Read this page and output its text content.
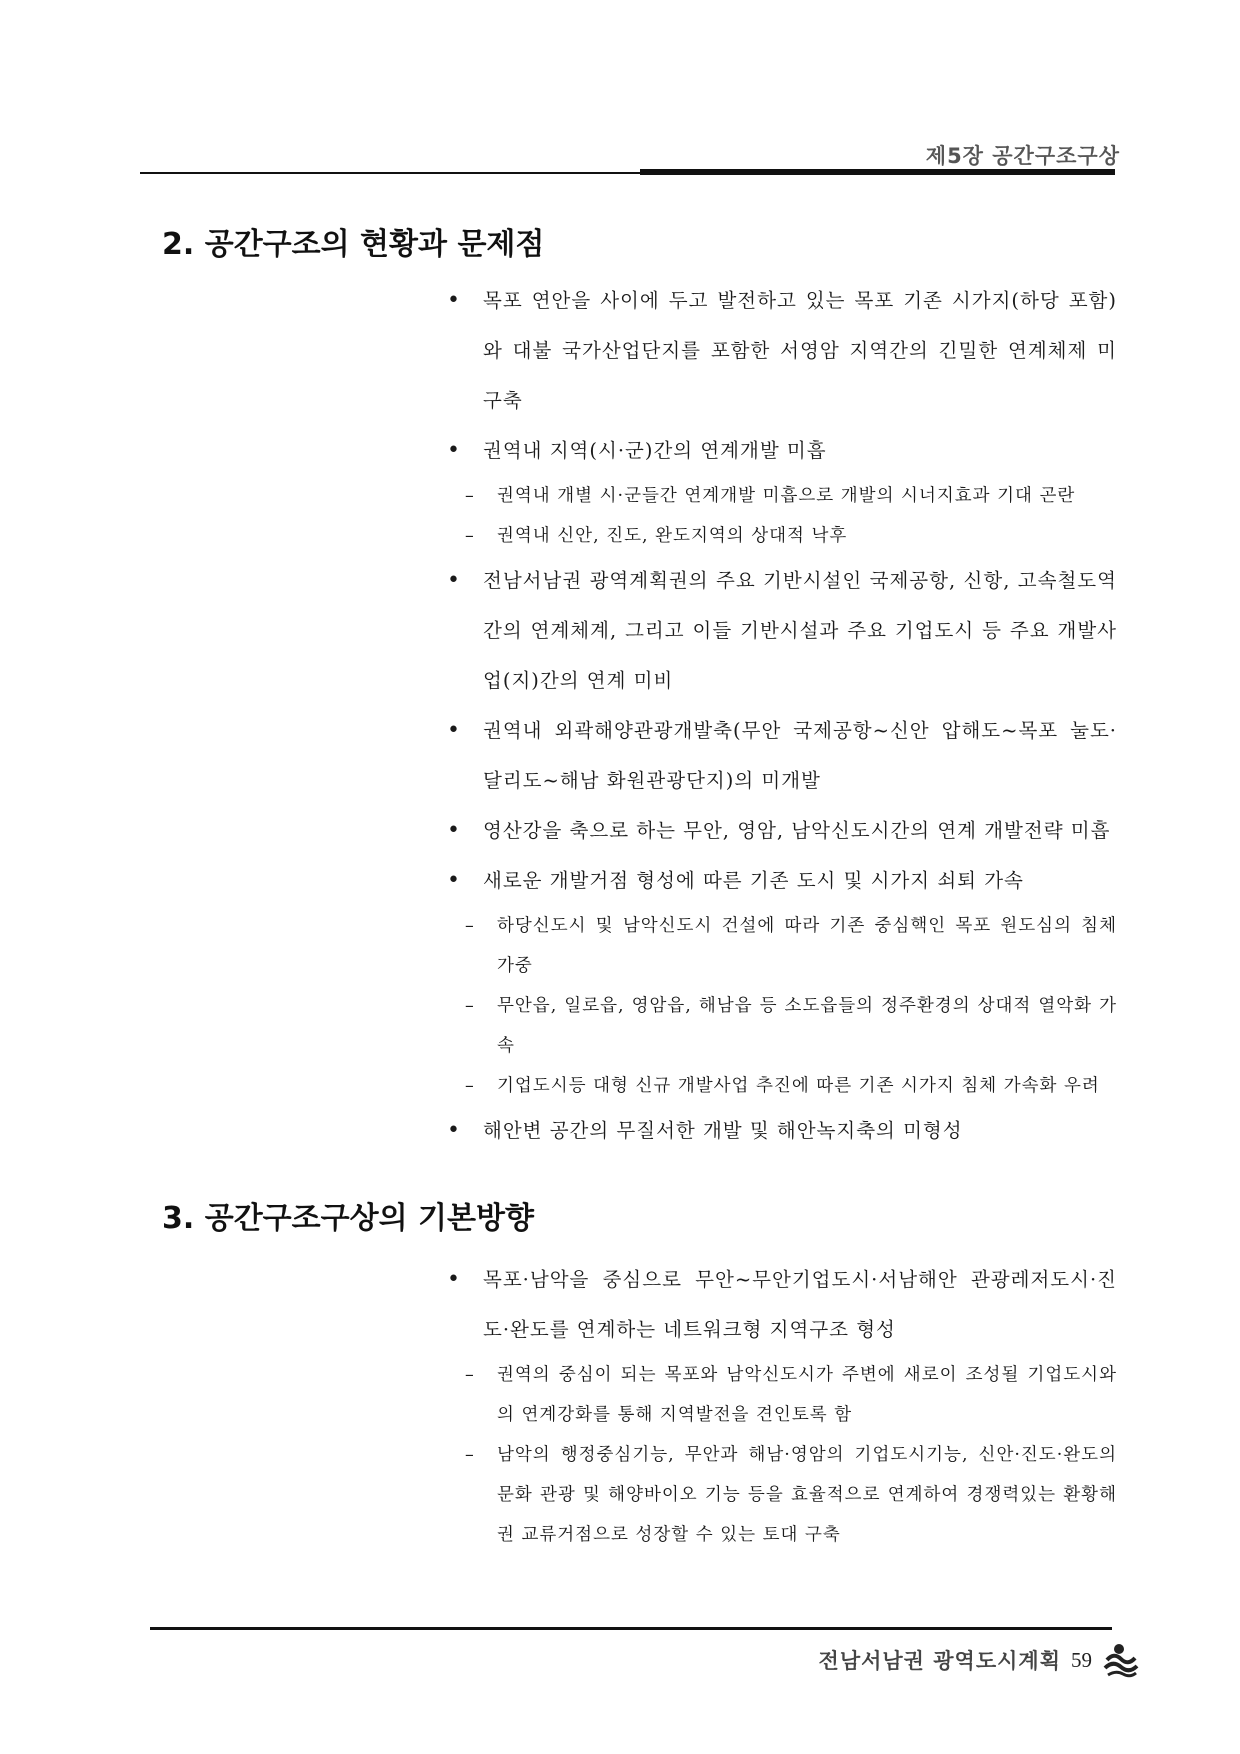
제5장 공간구조구상
2. 공간구조의 현황과 문제점
• 목포 연안을 사이에 두고 발전하고 있는 목포 기존 시가지(하당 포함)와 대불 국가산업단지를 포함한 서영암 지역간의 긴밀한 연계체제 미 구축
• 권역내 지역(시·군)간의 연계개발 미흡
– 권역내 개별 시·군들간 연계개발 미흡으로 개발의 시너지효과 기대 곤란
– 권역내 신안, 진도, 완도지역의 상대적 낙후
• 전남서남권 광역계획권의 주요 기반시설인 국제공항, 신항, 고속철도역간의 연계체계, 그리고 이들 기반시설과 주요 기업도시 등 주요 개발사업(지)간의 연계 미비
• 권역내 외곽해양관광개발축(무안 국제공항~신안 압해도~목포 눌도·달리도~해남 화원관광단지)의 미개발
• 영산강을 축으로 하는 무안, 영암, 남악신도시간의 연계 개발전략 미흡
• 새로운 개발거점 형성에 따른 기존 도시 및 시가지 쇠퇴 가속
– 하당신도시 및 남악신도시 건설에 따라 기존 중심핵인 목포 원도심의 침체 가중
– 무안읍, 일로읍, 영암읍, 해남읍 등 소도읍들의 정주환경의 상대적 열악화 가속
– 기업도시등 대형 신규 개발사업 추진에 따른 기존 시가지 침체 가속화 우려
• 해안변 공간의 무질서한 개발 및 해안녹지축의 미형성
3. 공간구조구상의 기본방향
• 목포·남악을 중심으로 무안~무안기업도시·서남해안 관광레저도시·진도·완도를 연계하는 네트워크형 지역구조 형성
– 권역의 중심이 되는 목포와 남악신도시가 주변에 새로이 조성될 기업도시와의 연계강화를 통해 지역발전을 견인토록 함
– 남악의 행정중심기능, 무안과 해남·영암의 기업도시기능, 신안·진도·완도의 문화 관광 및 해양바이오 기능 등을 효율적으로 연계하여 경쟁력있는 환황해권 교류거점으로 성장할 수 있는 토대 구축
전남서남권 광역도시계획 59
